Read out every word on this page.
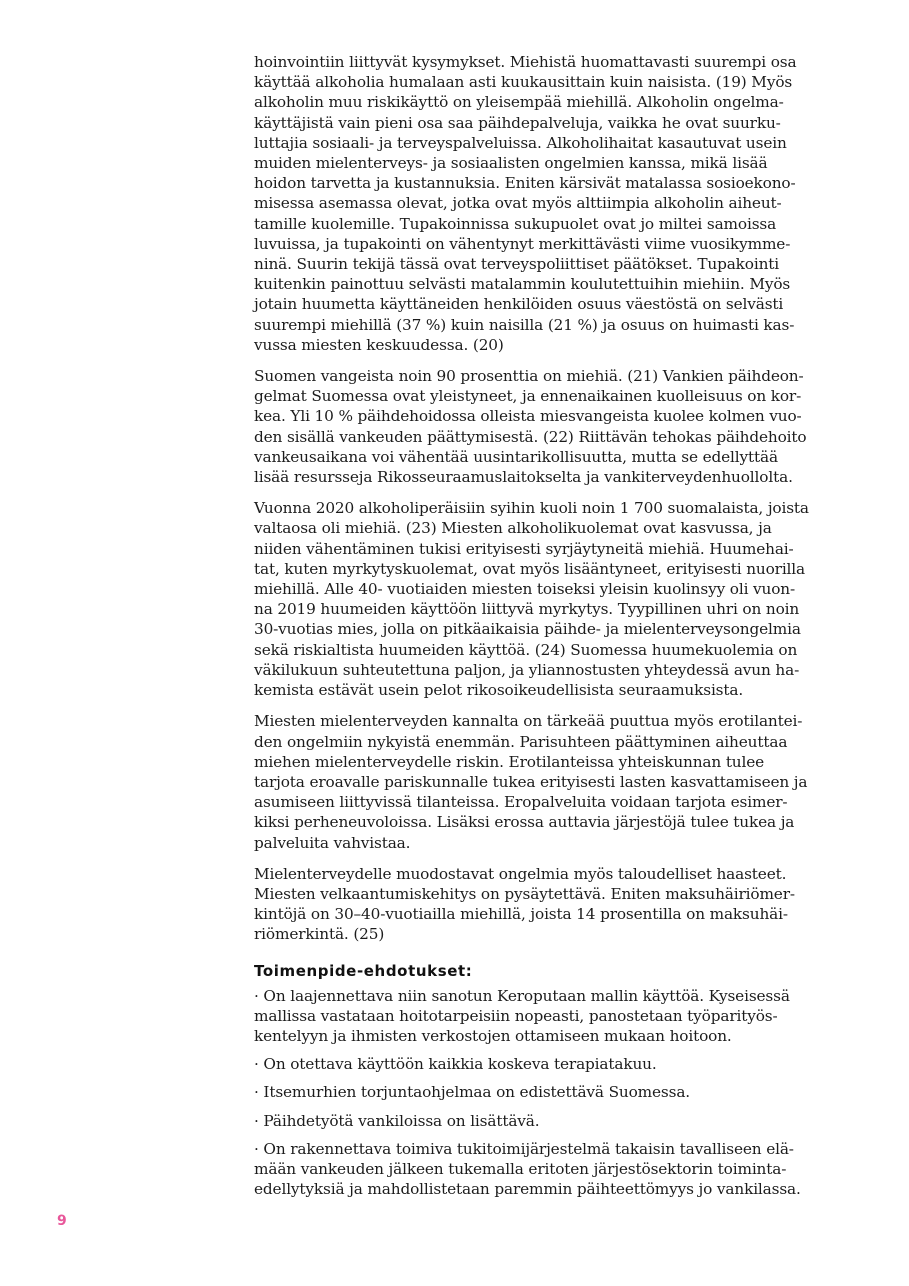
hoinvointiin liittyvät kysymykset. Miehistä huomattavasti suurempi osa
käyttää alkoholia humalaan asti kuukausittain kuin naisista. (19) Myös
alkoholin muu riskikäyttö on yleisempää miehillä. Alkoholin ongelma-
käyttäjistä vain pieni osa saa päihdepalveluja, vaikka he ovat suurku-
luttajia sosiaali- ja terveyspalveluissa. Alkoholihaitat kasautuvat usein
muiden mielenterveys- ja sosiaalisten ongelmien kanssa, mikä lisää
hoidon tarvetta ja kustannuksia. Eniten kärsivät matalassa sosioekono-
misessa asemassa olevat, jotka ovat myös alttiimpia alkoholin aiheut-
tamille kuolemille. Tupakoinnissa sukupuolet ovat jo miltei samoissa
luvuissa, ja tupakointi on vähentynyt merkittävästi viime vuosikymme-
ninä. Suurin tekijä tässä ovat terveyspoliittiset päätökset. Tupakointi
kuitenkin painottuu selvästi matalammin koulutettuihin miehiin. Myös
jotain huumetta käyttäneiden henkilöiden osuus väestöstä on selvästi
suurempi miehillä (37 %) kuin naisilla (21 %) ja osuus on huimasti kas-
vussa miesten keskuudessa. (20)
Suomen vangeista noin 90 prosenttia on miehiä. (21) Vankien päihdeon-
gelmat Suomessa ovat yleistyneet, ja ennenaikainen kuolleisuus on kor-
kea. Yli 10 % päihdehoidossa olleista miesvangeista kuolee kolmen vuo-
den sisällä vankeuden päättymisestä. (22) Riittävän tehokas päihdehoito
vankeusaikana voi vähentää uusintarikollisuutta, mutta se edellyttää
lisää resursseja Rikosseuraamuslaitokselta ja vankiterveydenhuollolta.
Vuonna 2020 alkoholiperäisiin syihin kuoli noin 1 700 suomalaista, joista
valtaosa oli miehiä. (23) Miesten alkoholikuolemat ovat kasvussa, ja
niiden vähentäminen tukisi erityisesti syrjäytyneitä miehiä. Huumehai-
tat, kuten myrkytyskuolemat, ovat myös lisääntyneet, erityisesti nuorilla
miehillä. Alle 40- vuotiaiden miesten toiseksi yleisin kuolinsyy oli vuon-
na 2019 huumeiden käyttöön liittyvä myrkytys. Tyypillinen uhri on noin
30-vuotias mies, jolla on pitkäaikaisia päihde- ja mielenterveysongelmia
sekä riskialtista huumeiden käyttöä. (24) Suomessa huumekuolemia on
väkilukuun suhteutettuna paljon, ja yliannostusten yhteydessä avun ha-
kemista estävät usein pelot rikosoikeudellisista seuraamuksista.
Miesten mielenterveyden kannalta on tärkeää puuttua myös erotilantei-
den ongelmiin nykyistä enemmän. Parisuhteen päättyminen aiheuttaa
miehen mielenterveydelle riskin. Erotilanteissa yhteiskunnan tulee
tarjota eroavalle pariskunnalle tukea erityisesti lasten kasvattamiseen ja
asumiseen liittyvissä tilanteissa. Eropalveluita voidaan tarjota esimer-
kiksi perheneuvoloissa. Lisäksi erossa auttavia järjestöjä tulee tukea ja
palveluita vahvistaa.
Mielenterveydelle muodostavat ongelmia myös taloudelliset haasteet.
Miesten velkaantumiskehitys on pysäytettävä. Eniten maksuhäiriömer-
kintöjä on 30–40-vuotiailla miehillä, joista 14 prosentilla on maksuhäi-
riömerkintä. (25)
Toimenpide-ehdotukset:
· On laajennettava niin sanotun Keroputaan mallin käyttöä. Kyseisessä
mallissa vastataan hoitotarpeisiin nopeasti, panostetaan työparityös-
kentelyyn ja ihmisten verkostojen ottamiseen mukaan hoitoon.
· On otettava käyttöön kaikkia koskeva terapiatakuu.
· Itsemurhien torjuntaohjelmaa on edistettävä Suomessa.
· Päihdetyötä vankiloissa on lisättävä.
· On rakennettava toimiva tukitoimijärjestelmä takaisin tavalliseen elä-
mään vankeuden jälkeen tukemalla eritoten järjestösektorin toiminta-
edellytyksiä ja mahdollistetaan paremmin päihteettömyys jo vankilassa.
9
